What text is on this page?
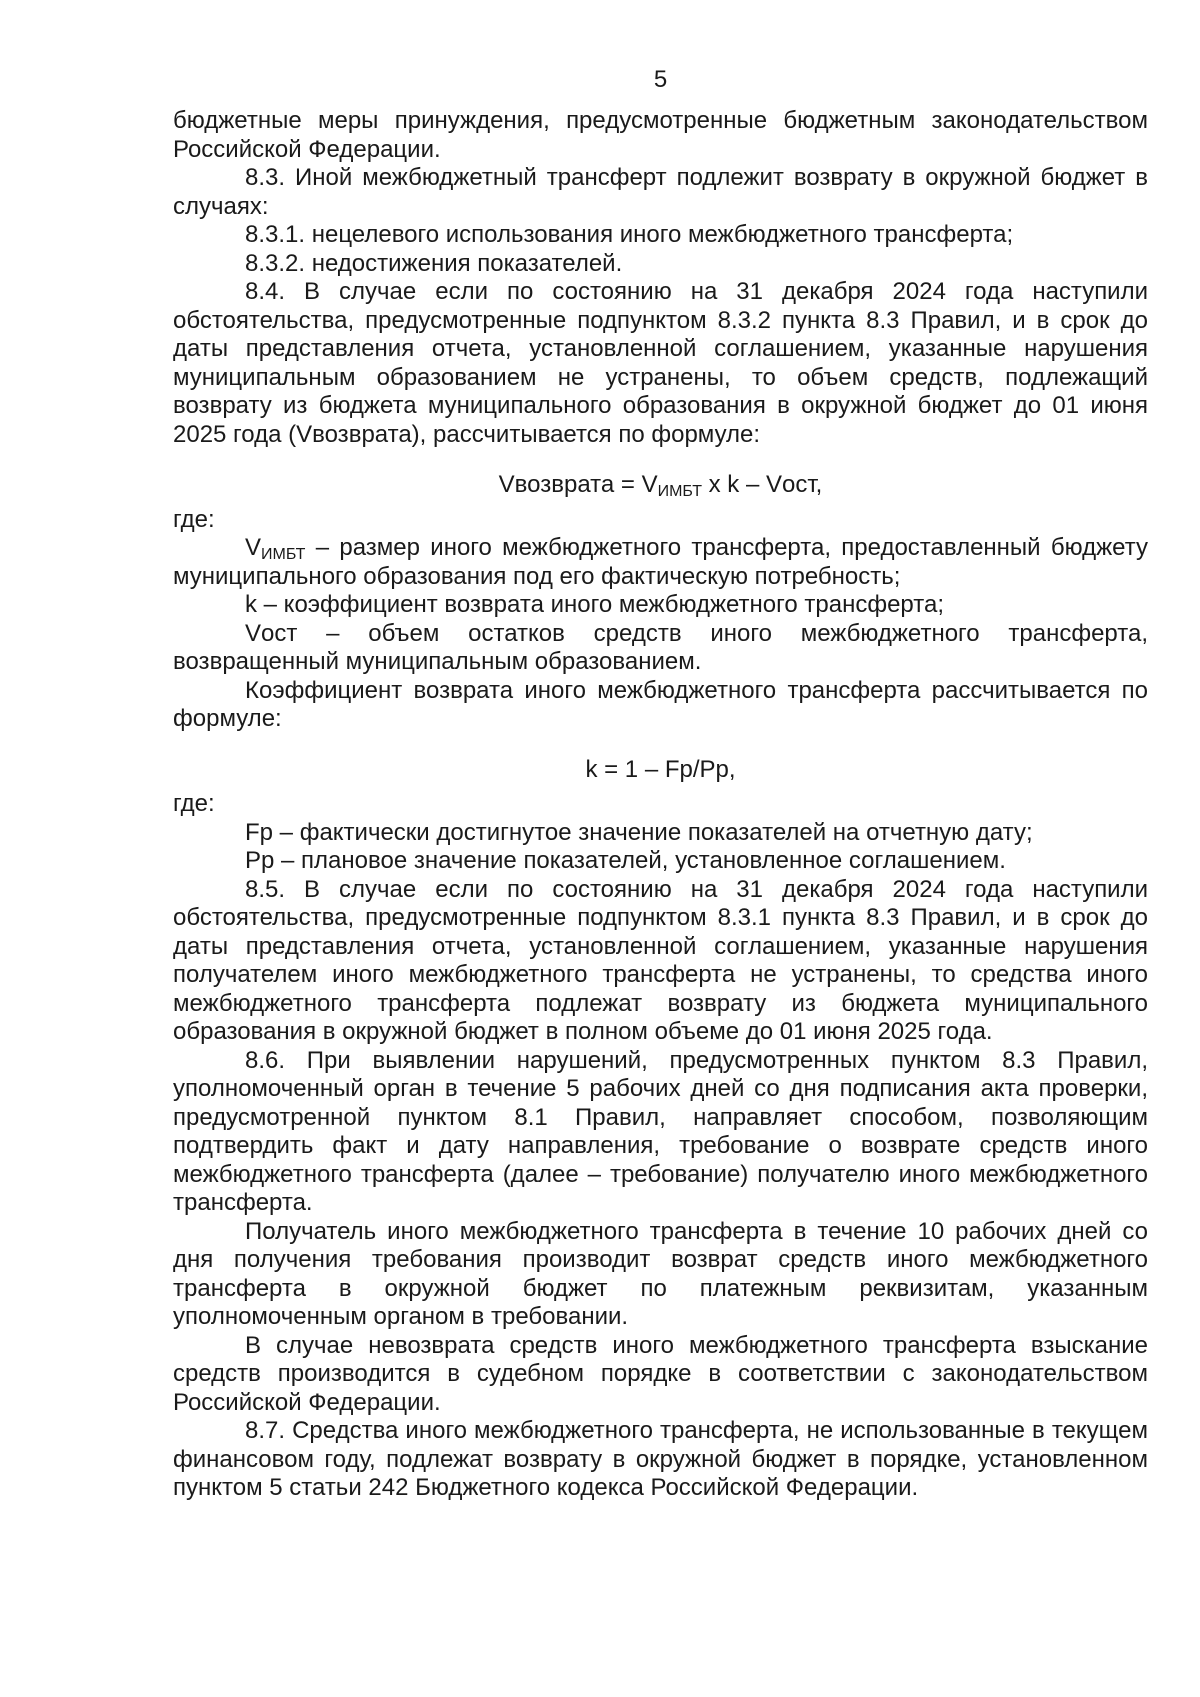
5

бюджетные меры принуждения, предусмотренные бюджетным законодательством Российской Федерации.

8.3. Иной межбюджетный трансферт подлежит возврату в окружной бюджет в случаях:

8.3.1. нецелевого использования иного межбюджетного трансферта;

8.3.2. недостижения показателей.

8.4. В случае если по состоянию на 31 декабря 2024 года наступили обстоятельства, предусмотренные подпунктом 8.3.2 пункта 8.3 Правил, и в срок до даты представления отчета, установленной соглашением, указанные нарушения муниципальным образованием не устранены, то объем средств, подлежащий возврату из бюджета муниципального образования в окружной бюджет до 01 июня 2025 года (Vвозврата), рассчитывается по формуле:

Vвозврата = $V_{ИМБТ}$ x k – Vост,

где:

$V_{ИМБТ}$ – размер иного межбюджетного трансферта, предоставленный бюджету муниципального образования под его фактическую потребность;

k – коэффициент возврата иного межбюджетного трансферта;

Vост – объем остатков средств иного межбюджетного трансферта, возвращенный муниципальным образованием.

Коэффициент возврата иного межбюджетного трансферта рассчитывается по формуле:

k = 1 – Fp/Pp,

где:

Fp – фактически достигнутое значение показателей на отчетную дату;

Pp – плановое значение показателей, установленное соглашением.

8.5. В случае если по состоянию на 31 декабря 2024 года наступили обстоятельства, предусмотренные подпунктом 8.3.1 пункта 8.3 Правил, и в срок до даты представления отчета, установленной соглашением, указанные нарушения получателем иного межбюджетного трансферта не устранены, то средства иного межбюджетного трансферта подлежат возврату из бюджета муниципального образования в окружной бюджет в полном объеме до 01 июня 2025 года.

8.6. При выявлении нарушений, предусмотренных пунктом 8.3 Правил, уполномоченный орган в течение 5 рабочих дней со дня подписания акта проверки, предусмотренной пунктом 8.1 Правил, направляет способом, позволяющим подтвердить факт и дату направления, требование о возврате средств иного межбюджетного трансферта (далее – требование) получателю иного межбюджетного трансферта.

Получатель иного межбюджетного трансферта в течение 10 рабочих дней со дня получения требования производит возврат средств иного межбюджетного трансферта в окружной бюджет по платежным реквизитам, указанным уполномоченным органом в требовании.

В случае невозврата средств иного межбюджетного трансферта взыскание средств производится в судебном порядке в соответствии с законодательством Российской Федерации.

8.7. Средства иного межбюджетного трансферта, не использованные в текущем финансовом году, подлежат возврату в окружной бюджет в порядке, установленном пунктом 5 статьи 242 Бюджетного кодекса Российской Федерации.
